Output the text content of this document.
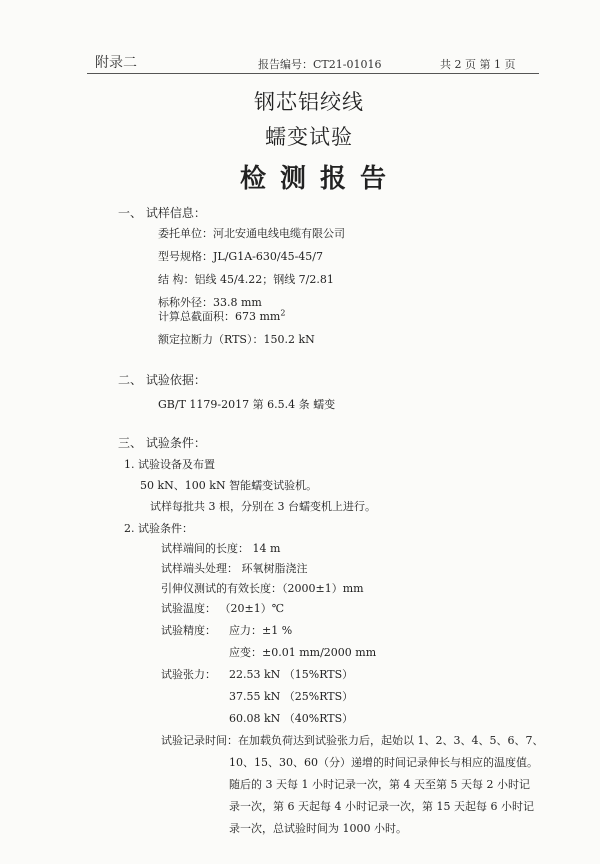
附录二	报告编号：CT21-01016	共 2 页 第 1 页
钢芯铝绞线
蠕变试验
检测报告
一、 试样信息：
委托单位：河北安通电线电缆有限公司
型号规格：JL/G1A-630/45-45/7
结 构：铝线 45/4.22；钢线 7/2.81
标称外径：33.8 mm
计算总截面积：673 $mm^2$
额定拉断力（RTS）：150.2 kN
二、 试验依据：
GB/T 1179-2017 第 6.5.4 条 蠕变
三、 试验条件：
1. 试验设备及布置
50 kN、100 kN 智能蠕变试验机。
试样每批共 3 根，分别在 3 台蠕变机上进行。
2. 试验条件：
试样端间的长度： 14 m
试样端头处理： 环氧树脂浇注
引伸仪测试的有效长度：（2000±1）mm
试验温度： （20±1）℃
试验精度： 应力：±1 %
应变：±0.01 mm/2000 mm
试验张力： 22.53 kN （15%RTS）
37.55 kN （25%RTS）
60.08 kN （40%RTS）
试验记录时间：在加载负荷达到试验张力后，起始以 1、2、3、4、5、6、7、
10、15、30、60（分）递增的时间记录伸长与相应的温度值。
随后的 3 天每 1 小时记录一次，第 4 天至第 5 天每 2 小时记
录一次，第 6 天起每 4 小时记录一次，第 15 天起每 6 小时记
录一次，总试验时间为 1000 小时。
